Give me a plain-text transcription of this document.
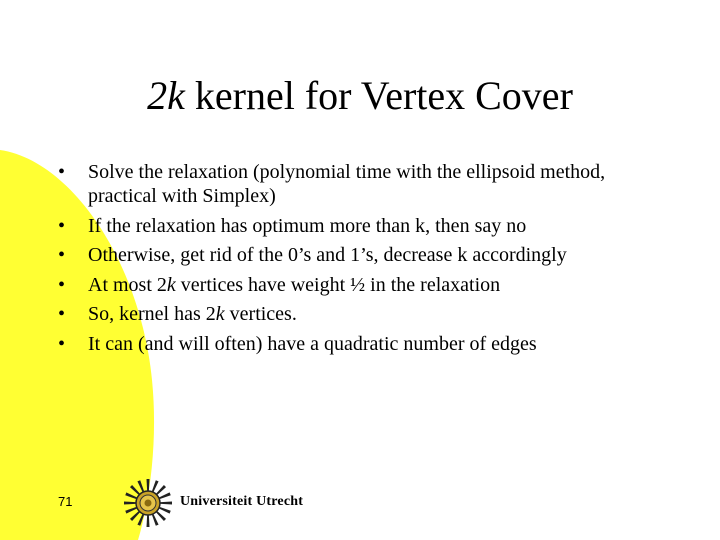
2k kernel for Vertex Cover
•	Solve the relaxation (polynomial time with the ellipsoid method, practical with Simplex)
•	If the relaxation has optimum more than k, then say no
•	Otherwise, get rid of the 0’s and 1’s, decrease k accordingly
•	At most 2k vertices have weight ½ in the relaxation
•	So, kernel has 2k vertices.
•	It can (and will often) have a quadratic number of edges
71	Universiteit Utrecht
